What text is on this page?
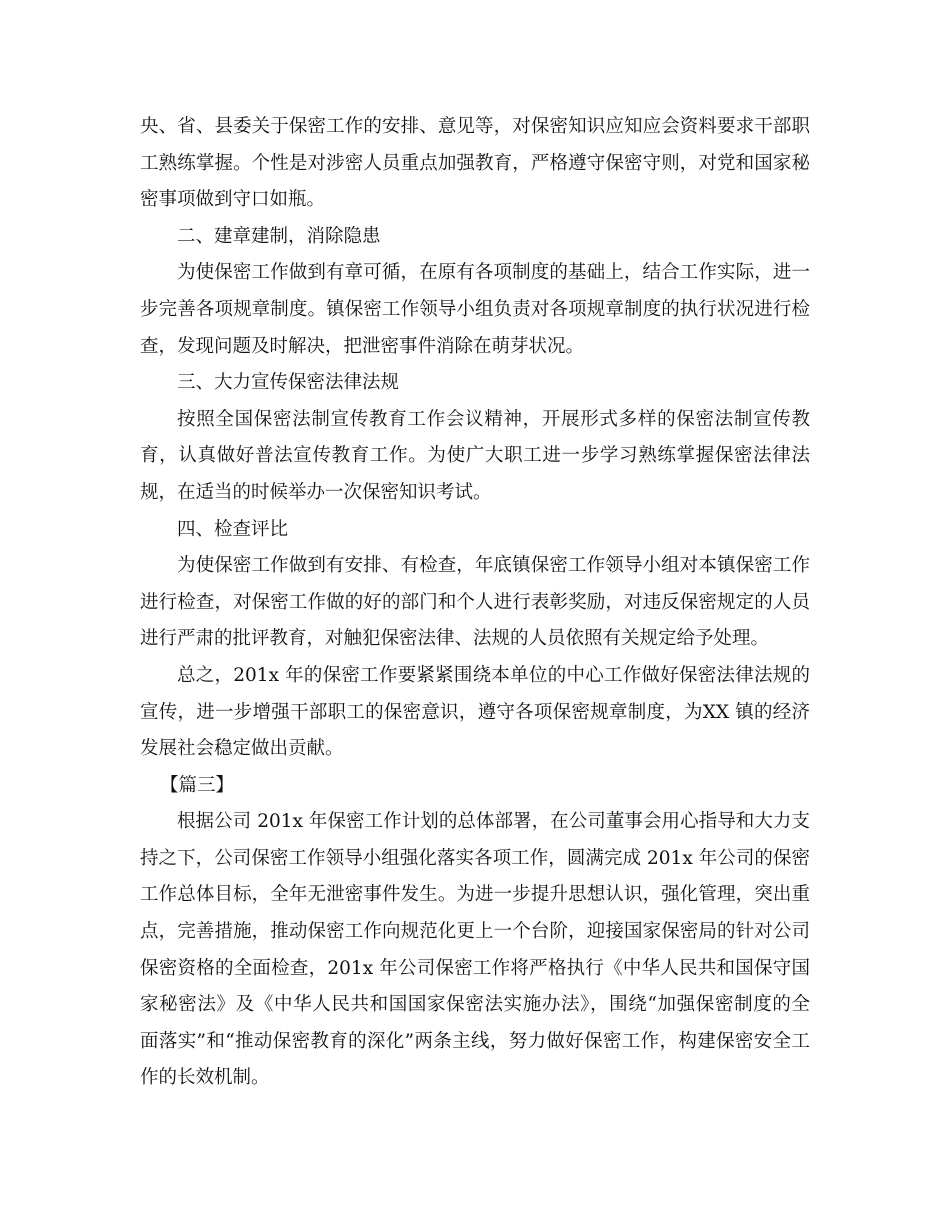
央、省、县委关于保密工作的安排、意见等，对保密知识应知应会资料要求干部职
工熟练掌握。个性是对涉密人员重点加强教育，严格遵守保密守则，对党和国家秘
密事项做到守口如瓶。
二、建章建制，消除隐患
为使保密工作做到有章可循，在原有各项制度的基础上，结合工作实际，进一
步完善各项规章制度。镇保密工作领导小组负责对各项规章制度的执行状况进行检
查，发现问题及时解决，把泄密事件消除在萌芽状况。
三、大力宣传保密法律法规
按照全国保密法制宣传教育工作会议精神，开展形式多样的保密法制宣传教
育，认真做好普法宣传教育工作。为使广大职工进一步学习熟练掌握保密法律法
规，在适当的时候举办一次保密知识考试。
四、检查评比
为使保密工作做到有安排、有检查，年底镇保密工作领导小组对本镇保密工作
进行检查，对保密工作做的好的部门和个人进行表彰奖励，对违反保密规定的人员
进行严肃的批评教育，对触犯保密法律、法规的人员依照有关规定给予处理。
总之，201x 年的保密工作要紧紧围绕本单位的中心工作做好保密法律法规的
宣传，进一步增强干部职工的保密意识，遵守各项保密规章制度，为XX 镇的经济
发展社会稳定做出贡献。
【篇三】
根据公司 201x 年保密工作计划的总体部署，在公司董事会用心指导和大力支
持之下，公司保密工作领导小组强化落实各项工作，圆满完成 201x 年公司的保密
工作总体目标，全年无泄密事件发生。为进一步提升思想认识，强化管理，突出重
点，完善措施，推动保密工作向规范化更上一个台阶，迎接国家保密局的针对公司
保密资格的全面检查，201x 年公司保密工作将严格执行《中华人民共和国保守国
家秘密法》及《中华人民共和国国家保密法实施办法》，围绕“加强保密制度的全
面落实”和“推动保密教育的深化”两条主线，努力做好保密工作，构建保密安全工
作的长效机制。
